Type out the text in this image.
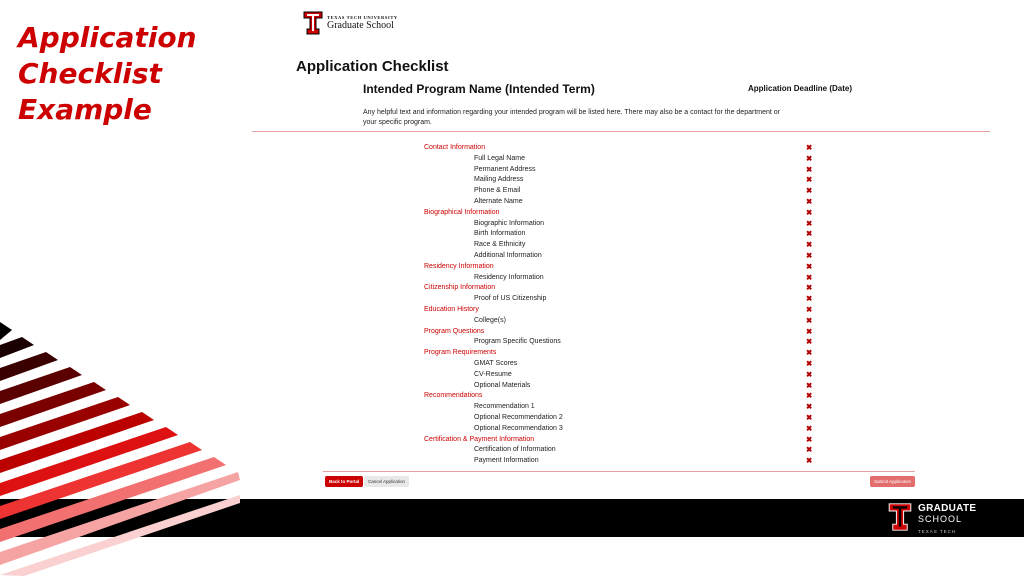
Application
Checklist
Example
TEXAS TECH UNIVERSITY
Graduate School
Application Checklist
Intended Program Name (Intended Term)	Application Deadline (Date)

Any helpful text and information regarding your intended program will be listed here. There may also be a contact for the department or your specific program.

Contact Information	✖
Full Legal Name	✖
Permanent Address	✖
Mailing Address	✖
Phone & Email	✖
Alternate Name	✖
Biographical Information	✖
Biographic Information	✖
Birth Information	✖
Race & Ethnicity	✖
Additional Information	✖
Residency Information	✖
Residency Information	✖
Citizenship Information	✖
Proof of US Citizenship	✖
Education History	✖
College(s)	✖
Program Questions	✖
Program Specific Questions	✖
Program Requirements	✖
GMAT Scores	✖
CV-Resume	✖
Optional Materials	✖
Recommendations	✖
Recommendation 1	✖
Optional Recommendation 2	✖
Optional Recommendation 3	✖
Certification & Payment Information	✖
Certification of Information	✖
Payment Information	✖
Back to Portal	Cancel Application	Submit Application
GRADUATE
SCHOOL
TEXAS TECH
